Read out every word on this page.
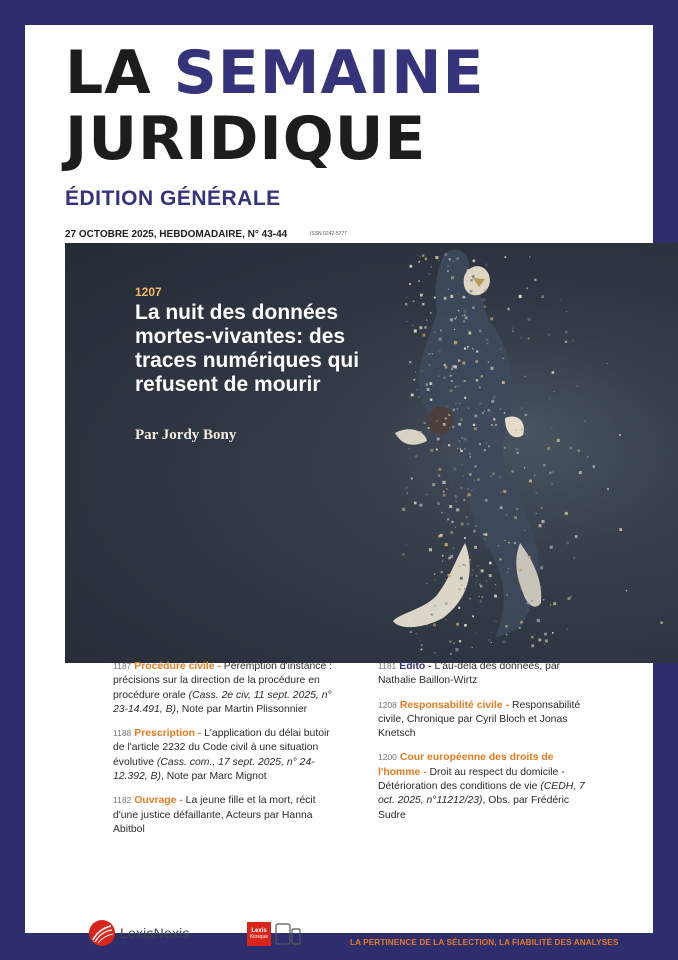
LA SEMAINE
JURIDIQUE
ÉDITION GÉNÉRALE
27 OCTOBRE 2025, HEBDOMADAIRE, N° 43-44	ISSN 0242-5777
1207
La nuit des données
mortes-vivantes: des
traces numériques qui
refusent de mourir
Par Jordy Bony
LexisNexis	Lexis
Kiosque
LA PERTINENCE DE LA SÉLECTION, LA FIABILITÉ DES ANALYSES
1187 Procédure civile - Péremption d'instance : précisions sur la direction de la procédure en procédure orale (Cass. 2e civ, 11 sept. 2025, n° 23-14.491, B), Note par Martin Plissonnier
1188 Prescription - L'application du délai butoir de l'article 2232 du Code civil à une situation évolutive (Cass. com., 17 sept. 2025, n° 24-12.392, B), Note par Marc Mignot
1182 Ouvrage - La jeune fille et la mort, récit d'une justice défaillante, Acteurs par Hanna Abitbol
1181 Édito - L'au-delà des données, par Nathalie Baillon-Wirtz
1208 Responsabilité civile - Responsabilité civile, Chronique par Cyril Bloch et Jonas Knetsch
1200 Cour européenne des droits de l'homme - Droit au respect du domicile - Détérioration des conditions de vie (CEDH, 7 oct. 2025, n°11212/23), Obs. par Frédéric Sudre
